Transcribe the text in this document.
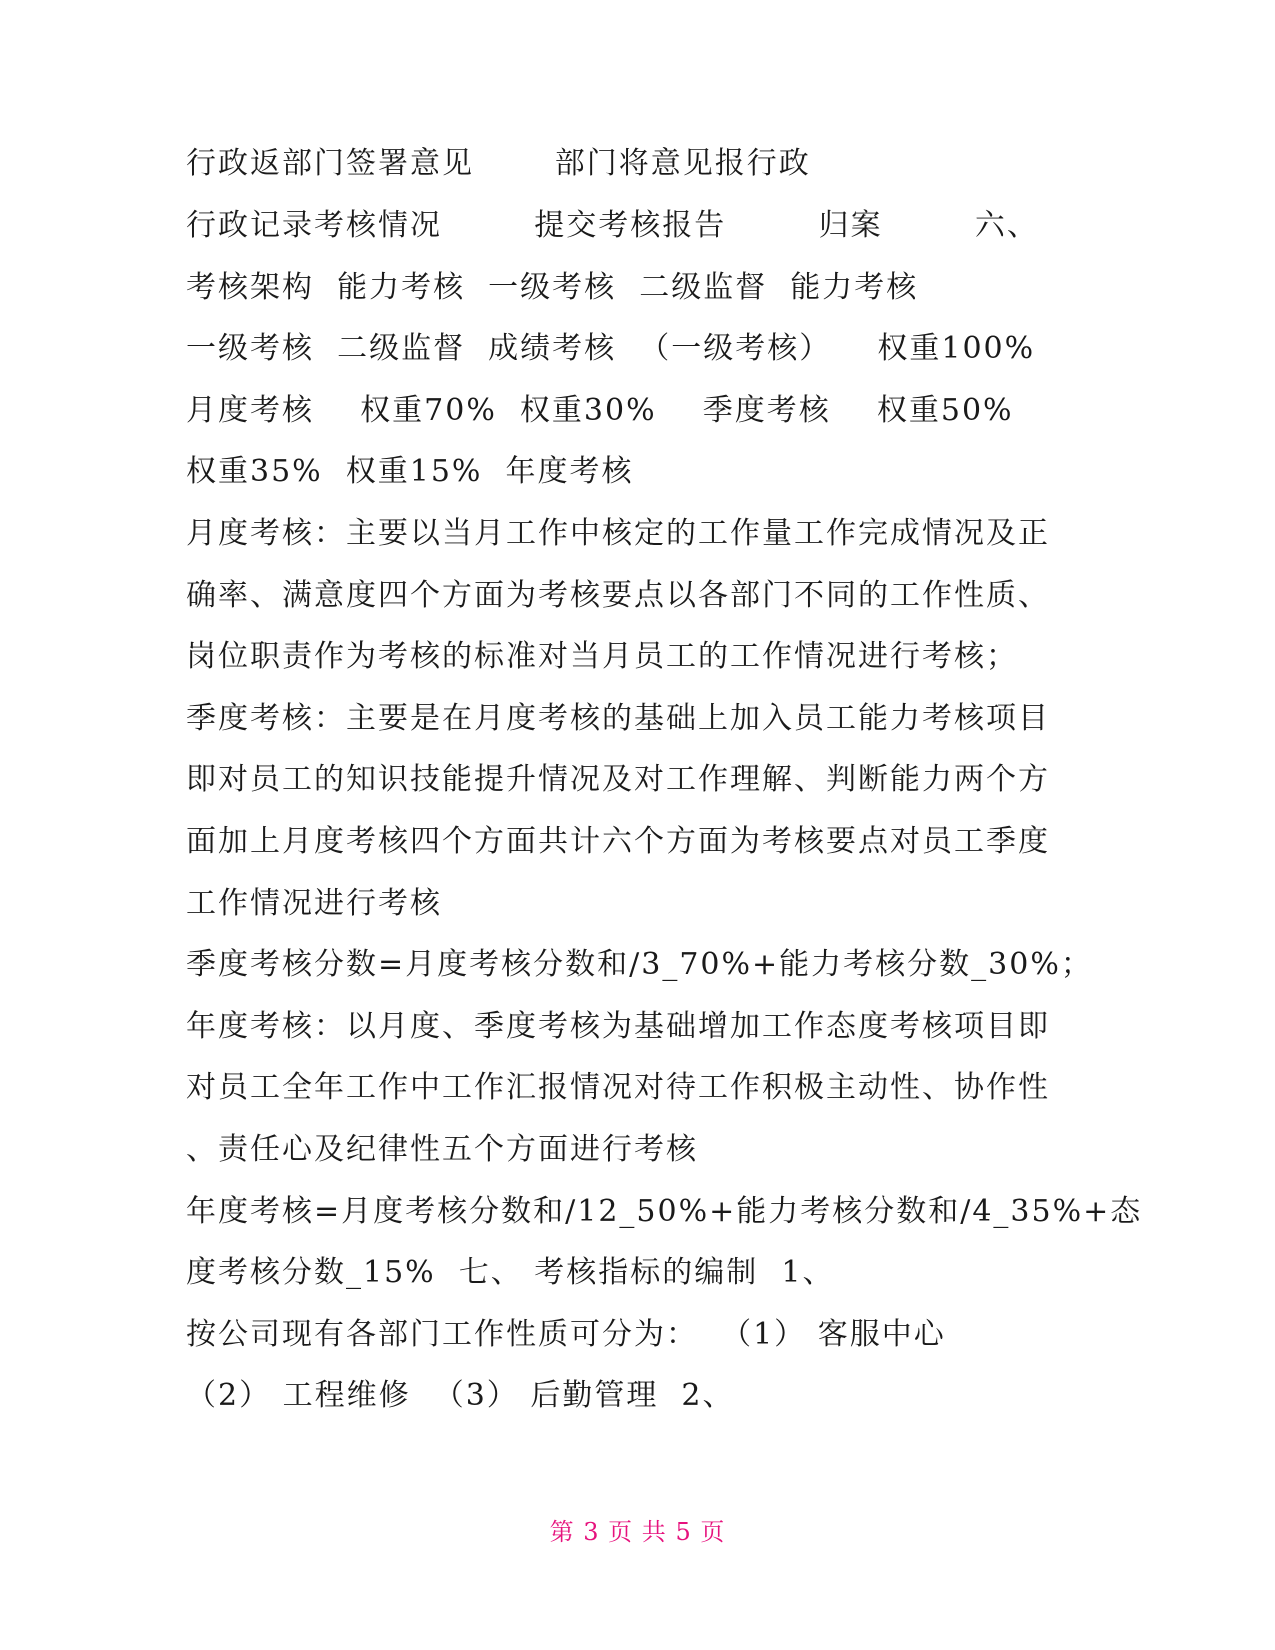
行政返部门签署意见       部门将意见报行政
行政记录考核情况        提交考核报告        归案        六、
考核架构  能力考核  一级考核  二级监督  能力考核
一级考核  二级监督  成绩考核  （一级考核）    权重100%
月度考核    权重70%  权重30%    季度考核    权重50%
权重35%  权重15%  年度考核
月度考核：主要以当月工作中核定的工作量工作完成情况及正
确率、满意度四个方面为考核要点以各部门不同的工作性质、
岗位职责作为考核的标准对当月员工的工作情况进行考核；
季度考核：主要是在月度考核的基础上加入员工能力考核项目
即对员工的知识技能提升情况及对工作理解、判断能力两个方
面加上月度考核四个方面共计六个方面为考核要点对员工季度
工作情况进行考核
季度考核分数=月度考核分数和/3_70%+能力考核分数_30%；
年度考核：以月度、季度考核为基础增加工作态度考核项目即
对员工全年工作中工作汇报情况对待工作积极主动性、协作性
、责任心及纪律性五个方面进行考核
年度考核=月度考核分数和/12_50%+能力考核分数和/4_35%+态
度考核分数_15%  七、 考核指标的编制  1、
按公司现有各部门工作性质可分为：  （1） 客服中心
（2） 工程维修  （3） 后勤管理  2、
第 3 页 共 5 页
